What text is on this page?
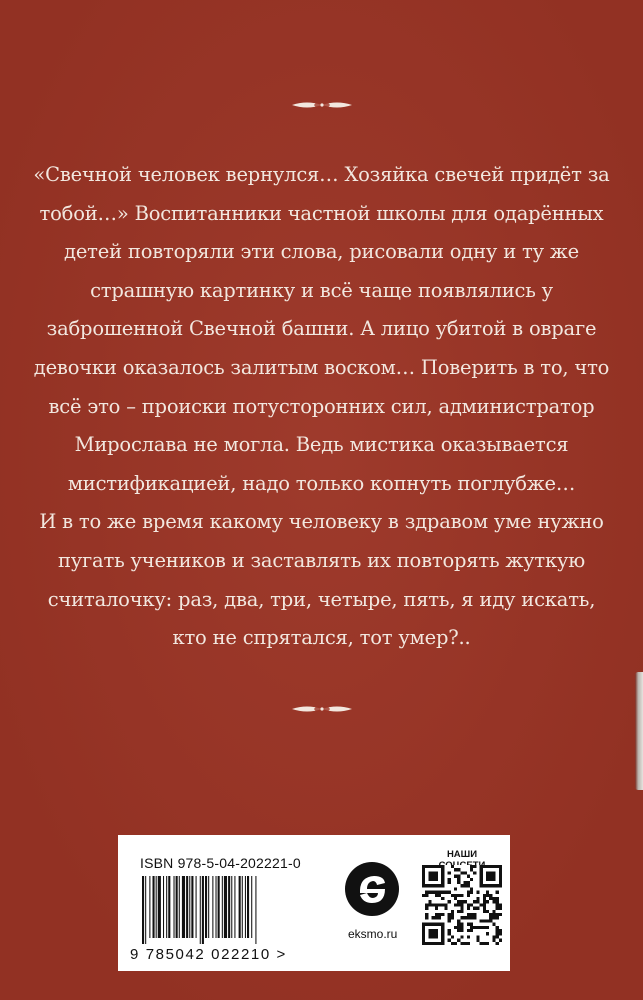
«Свечной человек вернулся… Хозяйка свечей придёт за тобой…» Воспитанники частной школы для одарённых детей повторяли эти слова, рисовали одну и ту же страшную картинку и всё чаще появлялись у заброшенной Свечной башни. А лицо убитой в овраге девочки оказалось залитым воском… Поверить в то, что всё это – происки потусторонних сил, администратор Мирослава не могла. Ведь мистика оказывается мистификацией, надо только копнуть поглубже…

И в то же время какому человеку в здравом уме нужно пугать учеников и заставлять их повторять жуткую считалочку: раз, два, три, четыре, пять, я иду искать, кто не спрятался, тот умер?..

ISBN 978-5-04-202221-0
9 785042 022210 >
eksmo.ru
НАШИ
